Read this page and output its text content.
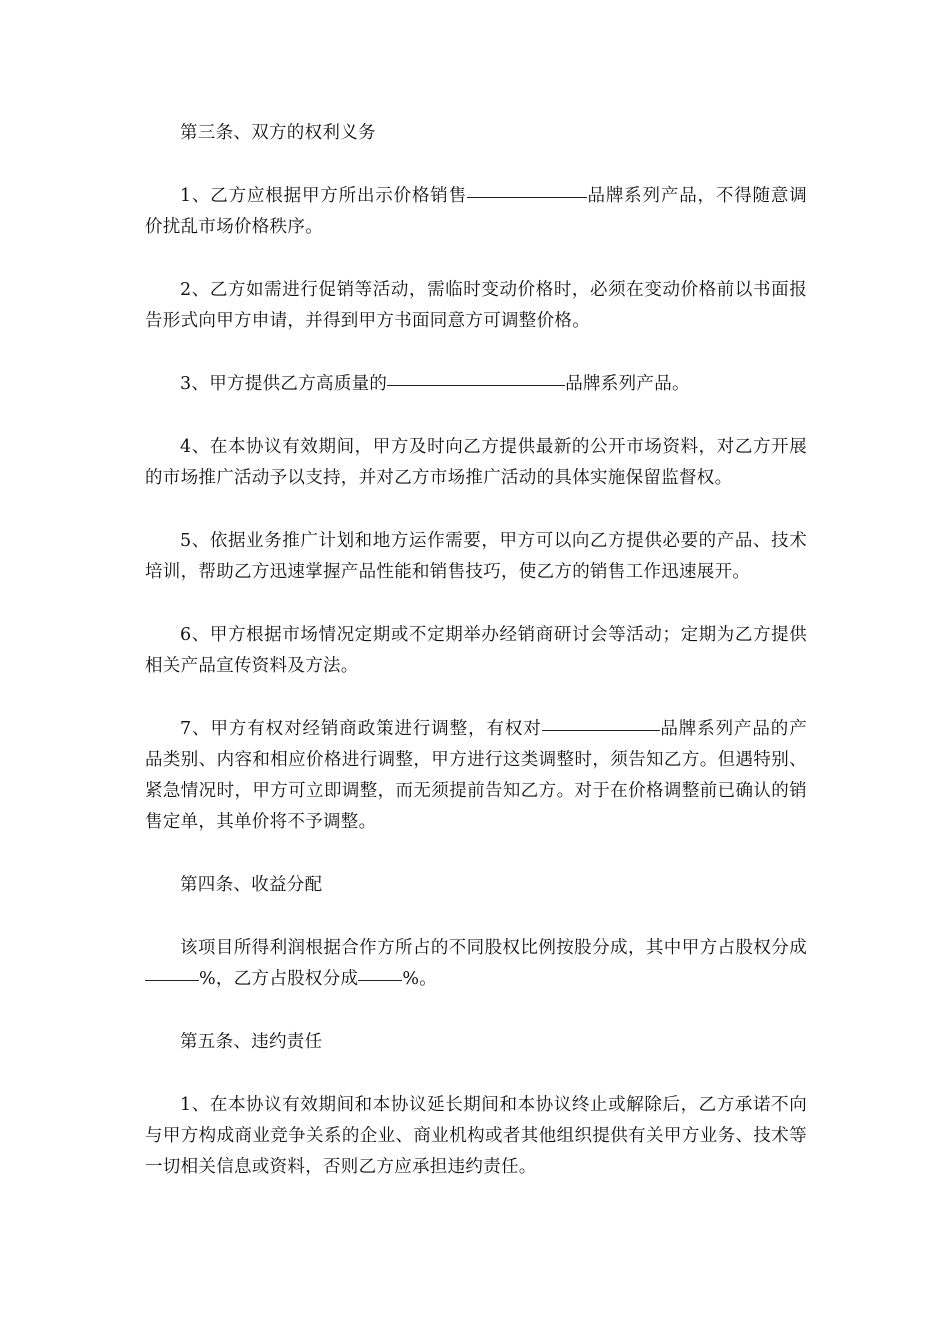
第三条、双方的权利义务

1、乙方应根据甲方所出示价格销售	品牌系列产品，不得随意调价扰乱市场价格秩序。

2、乙方如需进行促销等活动，需临时变动价格时，必须在变动价格前以书面报告形式向甲方申请，并得到甲方书面同意方可调整价格。

3、甲方提供乙方高质量的	品牌系列产品。

4、在本协议有效期间，甲方及时向乙方提供最新的公开市场资料，对乙方开展的市场推广活动予以支持，并对乙方市场推广活动的具体实施保留监督权。

5、依据业务推广计划和地方运作需要，甲方可以向乙方提供必要的产品、技术培训，帮助乙方迅速掌握产品性能和销售技巧，使乙方的销售工作迅速展开。

6、甲方根据市场情况定期或不定期举办经销商研讨会等活动；定期为乙方提供相关产品宣传资料及方法。

7、甲方有权对经销商政策进行调整，有权对	品牌系列产品的产品类别、内容和相应价格进行调整，甲方进行这类调整时，须告知乙方。但遇特别、紧急情况时，甲方可立即调整，而无须提前告知乙方。对于在价格调整前已确认的销售定单，其单价将不予调整。

第四条、收益分配

该项目所得利润根据合作方所占的不同股权比例按股分成，其中甲方占股权分成%，乙方占股权分成	%。

第五条、违约责任

1、在本协议有效期间和本协议延长期间和本协议终止或解除后，乙方承诺不向与甲方构成商业竞争关系的企业、商业机构或者其他组织提供有关甲方业务、技术等一切相关信息或资料，否则乙方应承担违约责任。
